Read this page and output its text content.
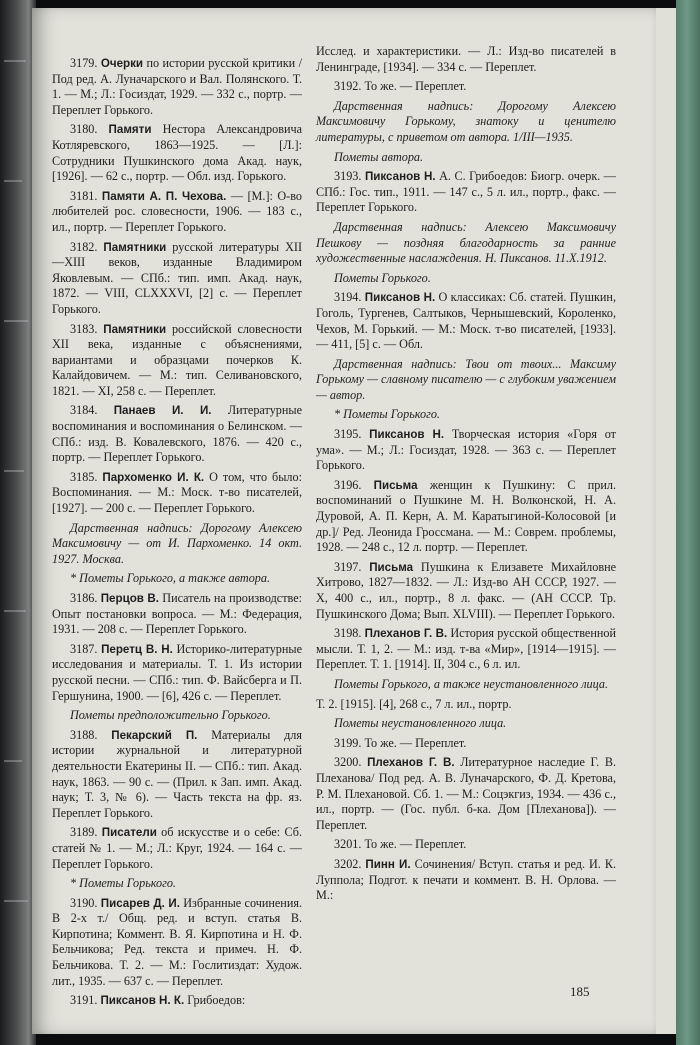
3179. Очерки по истории русской критики / Под ред. А. Луначарского и Вал. Полянского. Т. 1. — М.; Л.: Госиздат, 1929. — 332 с., портр. — Переплет Горького.

3180. Памяти Нестора Александровича Котляревского, 1863—1925. — [Л.]: Сотрудники Пушкинского дома Акад. наук, [1926]. — 62 с., портр. — Обл. изд. Горького.

3181. Памяти А. П. Чехова. — [М.]: О-во любителей рос. словесности, 1906. — 183 с., ил., портр. — Переплет Горького.

3182. Памятники русской литературы XII—XIII веков, изданные Владимиром Яковлевым. — СПб.: тип. имп. Акад. наук, 1872. — VIII, CLXXXVI, [2] с. — Переплет Горького.

3183. Памятники российской словесности XII века, изданные с объяснениями, вариантами и образцами почерков К. Калайдовичем. — М.: тип. Селивановского, 1821. — XI, 258 с. — Переплет.

3184. Панаев И. И. Литературные воспоминания и воспоминания о Белинском. — СПб.: изд. В. Ковалевского, 1876. — 420 с., портр. — Переплет Горького.

3185. Пархоменко И. К. О том, что было: Воспоминания. — М.: Моск. т-во писателей, [1927]. — 200 с. — Переплет Горького.

Дарственная надпись: Дорогому Алексею Максимовичу — от И. Пархоменко. 14 окт. 1927. Москва.

* Пометы Горького, а также автора.

3186. Перцов В. Писатель на производстве: Опыт постановки вопроса. — М.: Федерация, 1931. — 208 с. — Переплет Горького.

3187. Перетц В. Н. Историко-литературные исследования и материалы. Т. 1. Из истории русской песни. — СПб.: тип. Ф. Вайсберга и П. Гершунина, 1900. — [6], 426 с. — Переплет.

Пометы предположительно Горького.

3188. Пекарский П. Материалы для истории журнальной и литературной деятельности Екатерины II. — СПб.: тип. Акад. наук, 1863. — 90 с. — (Прил. к Зап. имп. Акад. наук; Т. 3, № 6). — Часть текста на фр. яз. Переплет Горького.

3189. Писатели об искусстве и о себе: Сб. статей № 1. — М.; Л.: Круг, 1924. — 164 с. — Переплет Горького.

* Пометы Горького.

3190. Писарев Д. И. Избранные сочинения. В 2-х т./ Общ. ред. и вступ. статья В. Кирпотина; Коммент. В. Я. Кирпотина и Н. Ф. Бельчикова; Ред. текста и примеч. Н. Ф. Бельчикова. Т. 2. — М.: Гослитиздат: Худож. лит., 1935. — 637 с. — Переплет.

3191. Пиксанов Н. К. Грибоедов:

Исслед. и характеристики. — Л.: Изд-во писателей в Ленинграде, [1934]. — 334 с. — Переплет.

3192. То же. — Переплет.

Дарственная надпись: Дорогому Алексею Максимовичу Горькому, знатоку и ценителю литературы, с приветом от автора. 1/III—1935.

Пометы автора.

3193. Пиксанов Н. А. С. Грибоедов: Биогр. очерк. — СПб.: Гос. тип., 1911. — 147 с., 5 л. ил., портр., факс. — Переплет Горького.

Дарственная надпись: Алексею Максимовичу Пешкову — поздняя благодарность за ранние художественные наслаждения. Н. Пиксанов. 11.X.1912.

Пометы Горького.

3194. Пиксанов Н. О классиках: Сб. статей. Пушкин, Гоголь, Тургенев, Салтыков, Чернышевский, Короленко, Чехов, М. Горький. — М.: Моск. т-во писателей, [1933]. — 411, [5] с. — Обл.

Дарственная надпись: Твои от твоих... Максиму Горькому — славному писателю — с глубоким уважением — автор.

* Пометы Горького.

3195. Пиксанов Н. Творческая история «Горя от ума». — М.; Л.: Госиздат, 1928. — 363 с. — Переплет Горького.

3196. Письма женщин к Пушкину: С прил. воспоминаний о Пушкине М. Н. Волконской, Н. А. Дуровой, А. П. Керн, А. М. Каратыгиной-Колосовой [и др.]/ Ред. Леонида Гроссмана. — М.: Соврем. проблемы, 1928. — 248 с., 12 л. портр. — Переплет.

3197. Письма Пушкина к Елизавете Михайловне Хитрово, 1827—1832. — Л.: Изд-во АН СССР, 1927. — X, 400 с., ил., портр., 8 л. факс. — (АН СССР. Тр. Пушкинского Дома; Вып. XLVIII). — Переплет Горького.

3198. Плеханов Г. В. История русской общественной мысли. Т. 1, 2. — М.: изд. т-ва «Мир», [1914—1915]. — Переплет. Т. 1. [1914]. II, 304 с., 6 л. ил.

Пометы Горького, а также неустановленного лица.

Т. 2. [1915]. [4], 268 с., 7 л. ил., портр.

Пометы неустановленного лица.

3199. То же. — Переплет.

3200. Плеханов Г. В. Литературное наследие Г. В. Плеханова/ Под ред. А. В. Луначарского, Ф. Д. Кретова, Р. М. Плехановой. Сб. 1. — М.: Соцэкгиз, 1934. — 436 с., ил., портр. — (Гос. публ. б-ка. Дом [Плеханова]). — Переплет.

3201. То же. — Переплет.

3202. Пинн И. Сочинения/ Вступ. статья и ред. И. К. Луппола; Подгот. к печати и коммент. В. Н. Орлова. — М.:

185
